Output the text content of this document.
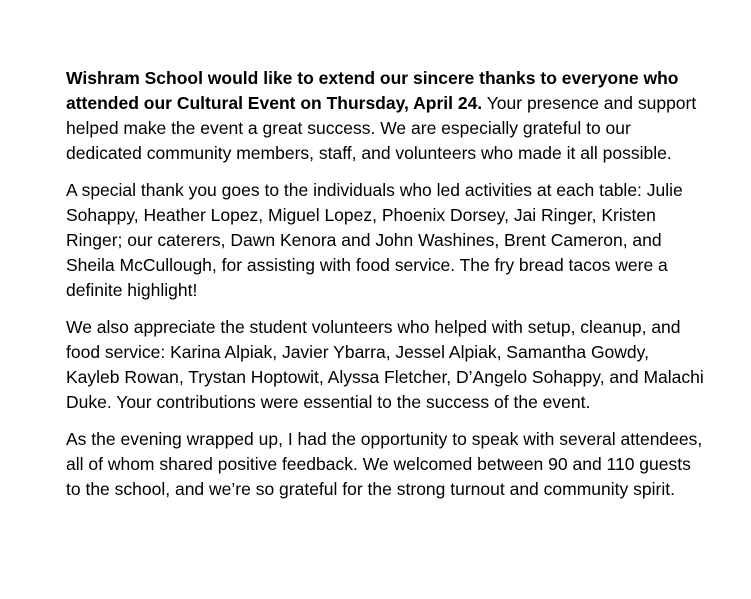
Wishram School would like to extend our sincere thanks to everyone who attended our Cultural Event on Thursday, April 24. Your presence and support helped make the event a great success. We are especially grateful to our dedicated community members, staff, and volunteers who made it all possible.

A special thank you goes to the individuals who led activities at each table: Julie Sohappy, Heather Lopez, Miguel Lopez, Phoenix Dorsey, Jai Ringer, Kristen Ringer; our caterers, Dawn Kenora and John Washines, Brent Cameron, and Sheila McCullough, for assisting with food service. The fry bread tacos were a definite highlight!

We also appreciate the student volunteers who helped with setup, cleanup, and food service: Karina Alpiak, Javier Ybarra, Jessel Alpiak, Samantha Gowdy, Kayleb Rowan, Trystan Hoptowit, Alyssa Fletcher, D’Angelo Sohappy, and Malachi Duke. Your contributions were essential to the success of the event.

As the evening wrapped up, I had the opportunity to speak with several attendees, all of whom shared positive feedback. We welcomed between 90 and 110 guests to the school, and we’re so grateful for the strong turnout and community spirit.
